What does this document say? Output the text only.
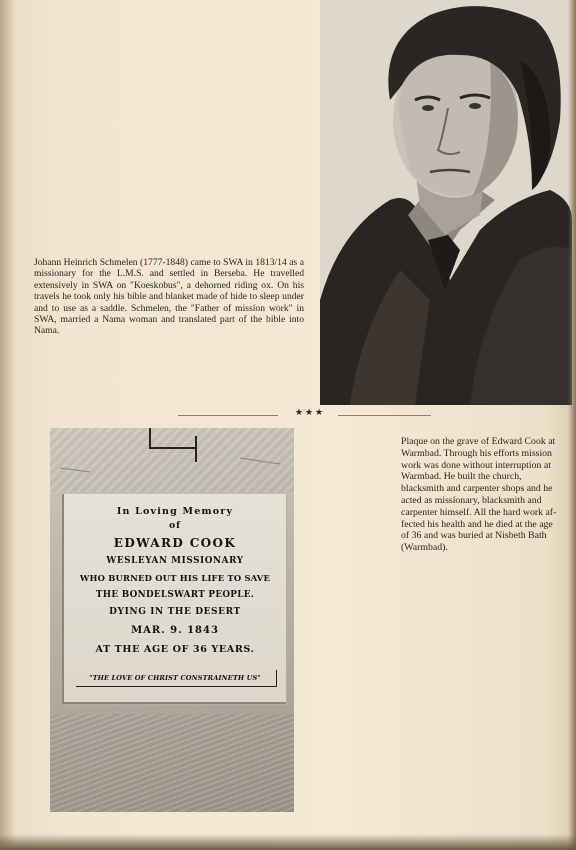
Johann Heinrich Schmelen (1777-1848) came to SWA in 1813/14 as a missionary for the L.M.S. and settled in Berseba. He travelled extensively in SWA on "Koeskobus", a dehorned riding ox. On his travels he took only his bible and blanket made of hide to sleep under and to use as a saddle. Schmelen, the "Father of mission work" in SWA, married a Nama woman and translated part of the bible into Nama.
★★★
In Loving Memory
of
EDWARD COOK
WESLEYAN MISSIONARY
WHO BURNED OUT HIS LIFE TO SAVE
THE BONDELSWART PEOPLE.
DYING IN THE DESERT
MAR. 9. 1843
AT THE AGE OF 36 YEARS.
"THE LOVE OF CHRIST CONSTRAINETH US"
Plaque on the grave of Edward Cook at
Warmbad. Through his efforts mission
work was done without interruption at
Warmbad. He built the church,
blacksmith and carpenter shops and he
acted as missionary, blacksmith and
carpenter himself. All the hard work af-
fected his health and he died at the age
of 36 and was buried at Nisbeth Bath
(Warmbad).
